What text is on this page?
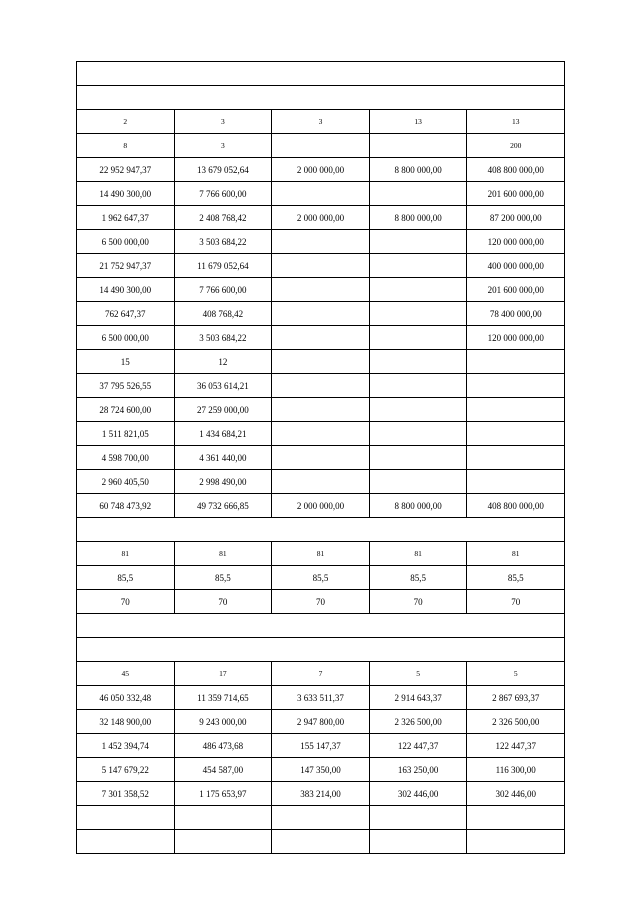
2	3	3	13	13
8	3			200
22 952 947,37	13 679 052,64	2 000 000,00	8 800 000,00	408 800 000,00
14 490 300,00	7 766 600,00			201 600 000,00
1 962 647,37	2 408 768,42	2 000 000,00	8 800 000,00	87 200 000,00
6 500 000,00	3 503 684,22			120 000 000,00
21 752 947,37	11 679 052,64			400 000 000,00
14 490 300,00	7 766 600,00			201 600 000,00
762 647,37	408 768,42			78 400 000,00
6 500 000,00	3 503 684,22			120 000 000,00
15	12			
37 795 526,55	36 053 614,21			
28 724 600,00	27 259 000,00			
1 511 821,05	1 434 684,21			
4 598 700,00	4 361 440,00			
2 960 405,50	2 998 490,00			
60 748 473,92	49 732 666,85	2 000 000,00	8 800 000,00	408 800 000,00

81	81	81	81	81
85,5	85,5	85,5	85,5	85,5
70	70	70	70	70

45	17	7	5	5
46 050 332,48	11 359 714,65	3 633 511,37	2 914 643,37	2 867 693,37
32 148 900,00	9 243 000,00	2 947 800,00	2 326 500,00	2 326 500,00
1 452 394,74	486 473,68	155 147,37	122 447,37	122 447,37
5 147 679,22	454 587,00	147 350,00	163 250,00	116 300,00
7 301 358,52	1 175 653,97	383 214,00	302 446,00	302 446,00
